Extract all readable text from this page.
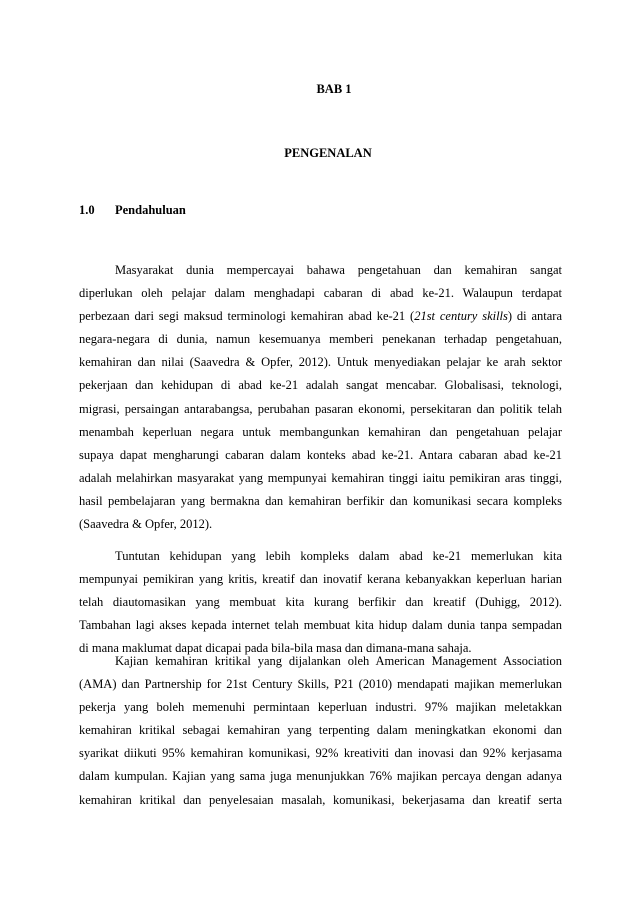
BAB 1
PENGENALAN
1.0 Pendahuluan
Masyarakat dunia mempercayai bahawa pengetahuan dan kemahiran sangat
diperlukan oleh pelajar dalam menghadapi cabaran di abad ke-21. Walaupun terdapat
perbezaan dari segi maksud terminologi kemahiran abad ke-21 (21st century skills) di antara
negara-negara di dunia, namun kesemuanya memberi penekanan terhadap pengetahuan,
kemahiran dan nilai (Saavedra & Opfer, 2012). Untuk menyediakan pelajar ke arah sektor
pekerjaan dan kehidupan di abad ke-21 adalah sangat mencabar. Globalisasi, teknologi,
migrasi, persaingan antarabangsa, perubahan pasaran ekonomi, persekitaran dan politik telah
menambah keperluan negara untuk membangunkan kemahiran dan pengetahuan pelajar
supaya dapat mengharungi cabaran dalam konteks abad ke-21. Antara cabaran abad ke-21
adalah melahirkan masyarakat yang mempunyai kemahiran tinggi iaitu pemikiran aras tinggi,
hasil pembelajaran yang bermakna dan kemahiran berfikir dan komunikasi secara kompleks
(Saavedra & Opfer, 2012).
Tuntutan kehidupan yang lebih kompleks dalam abad ke-21 memerlukan kita
mempunyai pemikiran yang kritis, kreatif dan inovatif kerana kebanyakkan keperluan harian
telah diautomasikan yang membuat kita kurang berfikir dan kreatif (Duhigg, 2012).
Tambahan lagi akses kepada internet telah membuat kita hidup dalam dunia tanpa sempadan
di mana maklumat dapat dicapai pada bila-bila masa dan dimana-mana sahaja.
Kajian kemahiran kritikal yang dijalankan oleh American Management Association
(AMA) dan Partnership for 21st Century Skills, P21 (2010) mendapati majikan memerlukan
pekerja yang boleh memenuhi permintaan keperluan industri. 97% majikan meletakkan
kemahiran kritikal sebagai kemahiran yang terpenting dalam meningkatkan ekonomi dan
syarikat diikuti 95% kemahiran komunikasi, 92% kreativiti dan inovasi dan 92% kerjasama
dalam kumpulan. Kajian yang sama juga menunjukkan 76% majikan percaya dengan adanya
kemahiran kritikal dan penyelesaian masalah, komunikasi, bekerjasama dan kreatif serta
